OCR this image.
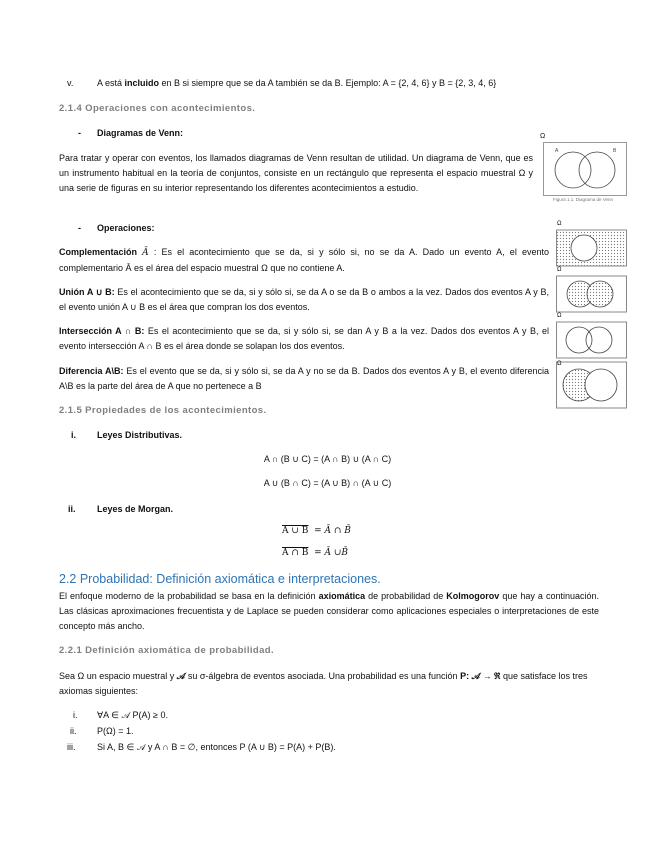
v.	A está incluido en B si siempre que se da A también se da B. Ejemplo: A = {2, 4, 6} y B = {2, 3, 4, 6}
2.1.4 Operaciones con acontecimientos.
- Diagramas de Venn:
Para tratar y operar con eventos, los llamados diagramas de Venn resultan de utilidad. Un diagrama de Venn, que es un instrumento habitual en la teoría de conjuntos, consiste en un rectángulo que representa el espacio muestral Ω y una serie de figuras en su interior representando los diferentes acontecimientos a estudio.
Ω
A	B
Figura 1.1. Diagrama de Venn
- Operaciones:
Complementación Ā : Es el acontecimiento que se da, si y sólo si, no se da A. Dado un evento A, el evento complementario Ā es el área del espacio muestral Ω que no contiene A.
Unión A ∪ B: Es el acontecimiento que se da, si y sólo si, se da A o se da B o ambos a la vez. Dados dos eventos A y B, el evento unión A ∪ B es el área que compran los dos eventos.
Intersección A ∩ B: Es el acontecimiento que se da, si y sólo si, se dan A y B a la vez. Dados dos eventos A y B, el evento intersección A ∩ B es el área donde se solapan los dos eventos.
Diferencia A\B: Es el evento que se da, si y sólo si, se da A y no se da B. Dados dos eventos A y B, el evento diferencia A\B es la parte del área de A que no pertenece a B
Ω
Ω
Ω
Ω
2.1.5 Propiedades de los acontecimientos.
i. Leyes Distributivas.
A ∩ (B ∪ C) = (A ∩ B) ∪ (A ∩ C)
A ∪ (B ∩ C) = (A ∪ B) ∩ (A ∪ C)
ii. Leyes de Morgan.
A ∪ B = Ā ∩ B̄
A ∩ B = Ā ∪B̄
2.2 Probabilidad: Definición axiomática e interpretaciones.
El enfoque moderno de la probabilidad se basa en la definición axiomática de probabilidad de Kolmogorov que hay a continuación. Las clásicas aproximaciones frecuentista y de Laplace se pueden considerar como aplicaciones especiales o interpretaciones de este concepto más ancho.
2.2.1 Definición axiomática de probabilidad.
Sea Ω un espacio muestral y 𝒜 su σ-álgebra de eventos asociada. Una probabilidad es una función P: 𝒜 → ℜ que satisface los tres axiomas siguientes:
i. ∀A ∈ 𝒜 P(A) ≥ 0.
ii. P(Ω) = 1.
iii. Si A, B ∈ 𝒜 y A ∩ B = ∅, entonces P (A ∪ B) = P(A) + P(B).
